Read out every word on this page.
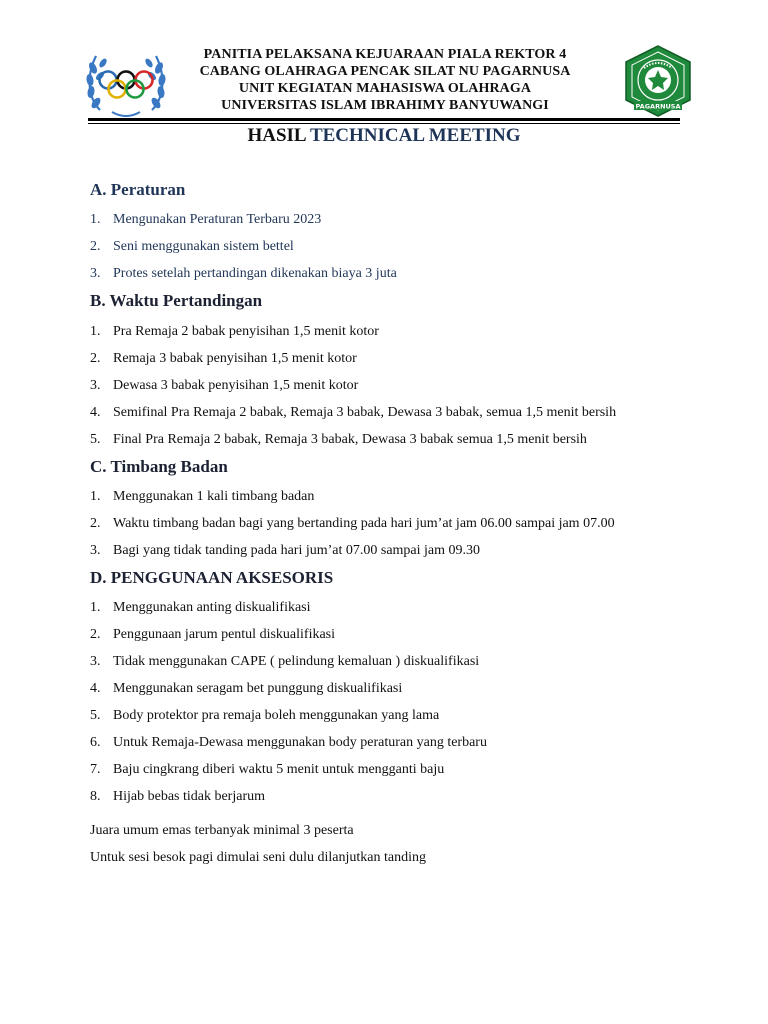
PANITIA PELAKSANA KEJUARAAN PIALA REKTOR 4
CABANG OLAHRAGA PENCAK SILAT NU PAGARNUSA
UNIT KEGIATAN MAHASISWA OLAHRAGA
UNIVERSITAS ISLAM IBRAHIMY BANYUWANGI	PAGARNUSA
HASIL TECHNICAL MEETING
A. Peraturan
1. Mengunakan Peraturan Terbaru 2023
2. Seni menggunakan sistem bettel
3. Protes setelah pertandingan dikenakan biaya 3 juta
B. Waktu Pertandingan
1. Pra Remaja 2 babak penyisihan 1,5 menit kotor
2. Remaja 3 babak penyisihan 1,5 menit kotor
3. Dewasa 3 babak penyisihan 1,5 menit kotor
4. Semifinal Pra Remaja 2 babak, Remaja 3 babak, Dewasa 3 babak, semua 1,5 menit bersih
5. Final Pra Remaja 2 babak, Remaja 3 babak, Dewasa 3 babak semua 1,5 menit bersih
C. Timbang Badan
1. Menggunakan 1 kali timbang badan
2. Waktu timbang badan bagi yang bertanding pada hari jum’at jam 06.00 sampai jam 07.00
3. Bagi yang tidak tanding pada hari jum’at 07.00 sampai jam 09.30
D. PENGGUNAAN AKSESORIS
1. Menggunakan anting diskualifikasi
2. Penggunaan jarum pentul diskualifikasi
3. Tidak menggunakan CAPE ( pelindung kemaluan ) diskualifikasi
4. Menggunakan seragam bet punggung diskualifikasi
5. Body protektor pra remaja boleh menggunakan yang lama
6. Untuk Remaja-Dewasa menggunakan body peraturan yang terbaru
7. Baju cingkrang diberi waktu 5 menit untuk mengganti baju
8. Hijab bebas tidak berjarum
Juara umum emas terbanyak minimal 3 peserta
Untuk sesi besok pagi dimulai seni dulu dilanjutkan tanding
